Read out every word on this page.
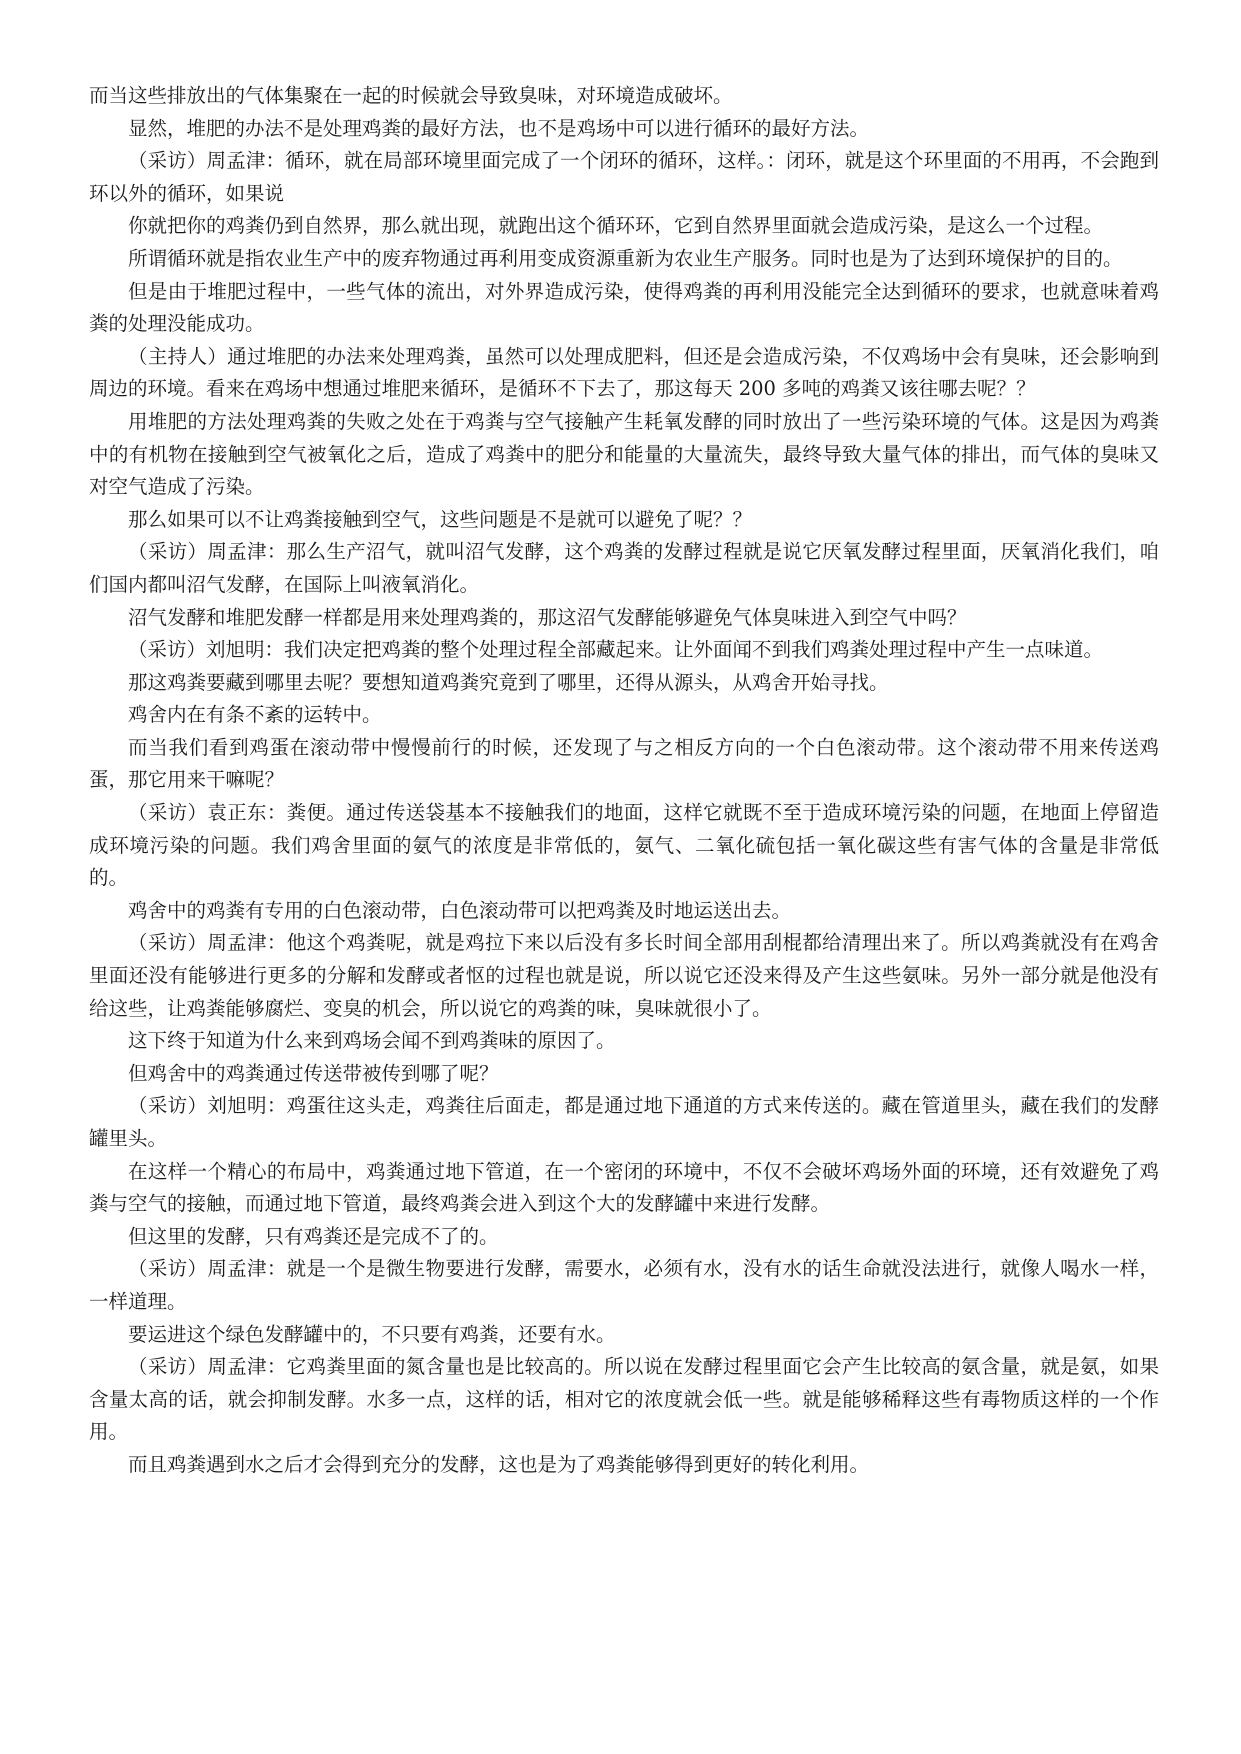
而当这些排放出的气体集聚在一起的时候就会导致臭味，对环境造成破坏。

显然，堆肥的办法不是处理鸡粪的最好方法，也不是鸡场中可以进行循环的最好方法。

（采访）周孟津：循环，就在局部环境里面完成了一个闭环的循环，这样。：闭环，就是这个环里面的不用再，不会跑到环以外的循环，如果说

你就把你的鸡粪仍到自然界，那么就出现，就跑出这个循环环，它到自然界里面就会造成污染，是这么一个过程。

所谓循环就是指农业生产中的废弃物通过再利用变成资源重新为农业生产服务。同时也是为了达到环境保护的目的。

但是由于堆肥过程中，一些气体的流出，对外界造成污染，使得鸡粪的再利用没能完全达到循环的要求，也就意味着鸡粪的处理没能成功。

（主持人）通过堆肥的办法来处理鸡粪，虽然可以处理成肥料，但还是会造成污染，不仅鸡场中会有臭味，还会影响到周边的环境。看来在鸡场中想通过堆肥来循环，是循环不下去了，那这每天 200 多吨的鸡粪又该往哪去呢？？

用堆肥的方法处理鸡粪的失败之处在于鸡粪与空气接触产生耗氧发酵的同时放出了一些污染环境的气体。这是因为鸡粪中的有机物在接触到空气被氧化之后，造成了鸡粪中的肥分和能量的大量流失，最终导致大量气体的排出，而气体的臭味又对空气造成了污染。

那么如果可以不让鸡粪接触到空气，这些问题是不是就可以避免了呢？？

（采访）周孟津：那么生产沼气，就叫沼气发酵，这个鸡粪的发酵过程就是说它厌氧发酵过程里面，厌氧消化我们，咱们国内都叫沼气发酵，在国际上叫液氧消化。

沼气发酵和堆肥发酵一样都是用来处理鸡粪的，那这沼气发酵能够避免气体臭味进入到空气中吗？

（采访）刘旭明：我们决定把鸡粪的整个处理过程全部藏起来。让外面闻不到我们鸡粪处理过程中产生一点味道。

那这鸡粪要藏到哪里去呢？要想知道鸡粪究竟到了哪里，还得从源头，从鸡舍开始寻找。

鸡舍内在有条不紊的运转中。

而当我们看到鸡蛋在滚动带中慢慢前行的时候，还发现了与之相反方向的一个白色滚动带。这个滚动带不用来传送鸡蛋，那它用来干嘛呢？

（采访）袁正东：粪便。通过传送袋基本不接触我们的地面，这样它就既不至于造成环境污染的问题，在地面上停留造成环境污染的问题。我们鸡舍里面的氨气的浓度是非常低的，氨气、二氧化硫包括一氧化碳这些有害气体的含量是非常低的。

鸡舍中的鸡粪有专用的白色滚动带，白色滚动带可以把鸡粪及时地运送出去。

（采访）周孟津：他这个鸡粪呢，就是鸡拉下来以后没有多长时间全部用刮棍都给清理出来了。所以鸡粪就没有在鸡舍里面还没有能够进行更多的分解和发酵或者怄的过程也就是说，所以说它还没来得及产生这些氨味。另外一部分就是他没有给这些，让鸡粪能够腐烂、变臭的机会，所以说它的鸡粪的味，臭味就很小了。

这下终于知道为什么来到鸡场会闻不到鸡粪味的原因了。

但鸡舍中的鸡粪通过传送带被传到哪了呢？

（采访）刘旭明：鸡蛋往这头走，鸡粪往后面走，都是通过地下通道的方式来传送的。藏在管道里头，藏在我们的发酵罐里头。

在这样一个精心的布局中，鸡粪通过地下管道，在一个密闭的环境中，不仅不会破坏鸡场外面的环境，还有效避免了鸡粪与空气的接触，而通过地下管道，最终鸡粪会进入到这个大的发酵罐中来进行发酵。

但这里的发酵，只有鸡粪还是完成不了的。

（采访）周孟津：就是一个是微生物要进行发酵，需要水，必须有水，没有水的话生命就没法进行，就像人喝水一样，一样道理。

要运进这个绿色发酵罐中的，不只要有鸡粪，还要有水。

（采访）周孟津：它鸡粪里面的氮含量也是比较高的。所以说在发酵过程里面它会产生比较高的氨含量，就是氨，如果含量太高的话，就会抑制发酵。水多一点，这样的话，相对它的浓度就会低一些。就是能够稀释这些有毒物质这样的一个作用。

而且鸡粪遇到水之后才会得到充分的发酵，这也是为了鸡粪能够得到更好的转化利用。
